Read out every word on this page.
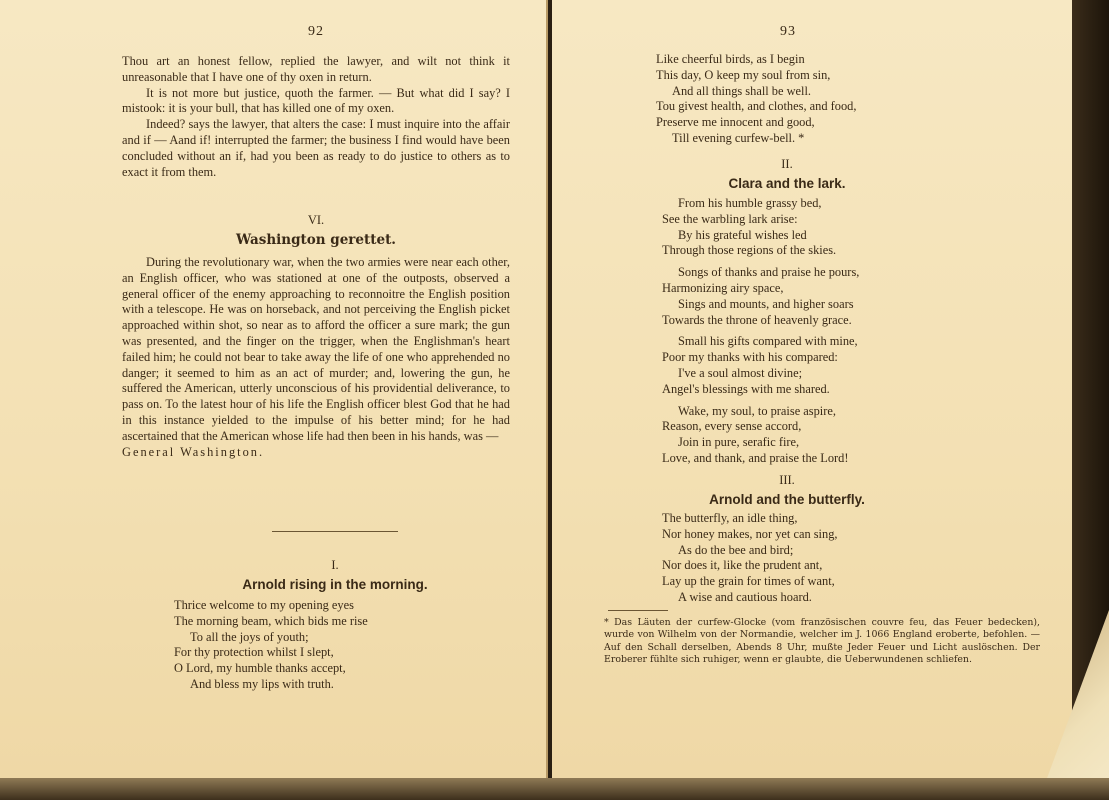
92

Thou art an honest fellow, replied the lawyer, and wilt not think it unreasonable that I have one of thy oxen in return.

It is not more but justice, quoth the farmer. — But what did I say? I mistook: it is your bull, that has killed one of my oxen.

Indeed? says the lawyer, that alters the case: I must inquire into the affair and if — Aand if! interrupted the farmer; the business I find would have been concluded without an if, had you been as ready to do justice to others as to exact it from them.

VI.
Washington gerettet.

During the revolutionary war, when the two armies were near each other, an English officer, who was stationed at one of the outposts, observed a general officer of the enemy approaching to reconnoitre the English position with a telescope. He was on horseback, and not perceiving the English picket approached within shot, so near as to afford the officer a sure mark; the gun was presented, and the finger on the trigger, when the Englishman's heart failed him; he could not bear to take away the life of one who apprehended no danger; it seemed to him as an act of murder; and, lowering the gun, he suffered the American, utterly unconscious of his providential deliverance, to pass on. To the latest hour of his life the English officer blest God that he had in this instance yielded to the impulse of his better mind; for he had ascertained that the American whose life had then been in his hands, was —

General Washington.

I.
Arnold rising in the morning.
Thrice welcome to my opening eyes
The morning beam, which bids me rise
To all the joys of youth;
For thy protection whilst I slept,
O Lord, my humble thanks accept,
And bless my lips with truth.
93
Like cheerful birds, as I begin
This day, O keep my soul from sin,
And all things shall be well.
Tou givest health, and clothes, and food,
Preserve me innocent and good,
Till evening curfew-bell. *
II.
Clara and the lark.
From his humble grassy bed,
See the warbling lark arise:
By his grateful wishes led
Through those regions of the skies.
Songs of thanks and praise he pours,
Harmonizing airy space,
Sings and mounts, and higher soars
Towards the throne of heavenly grace.
Small his gifts compared with mine,
Poor my thanks with his compared:
I've a soul almost divine;
Angel's blessings with me shared.
Wake, my soul, to praise aspire,
Reason, every sense accord,
Join in pure, serafic fire,
Love, and thank, and praise the Lord!
III.
Arnold and the butterfly.
The butterfly, an idle thing,
Nor honey makes, nor yet can sing,
As do the bee and bird;
Nor does it, like the prudent ant,
Lay up the grain for times of want,
A wise and cautious hoard.
* Das Läuten der curfew-Glocke (vom französischen couvre feu, das Feuer bedecken), wurde von Wilhelm von der Normandie, welcher im J. 1066 England eroberte, befohlen. — Auf den Schall derselben, Abends 8 Uhr, mußte Jeder Feuer und Licht auslöschen. Der Eroberer fühlte sich ruhiger, wenn er glaubte, die Ueberwundenen schliefen.
